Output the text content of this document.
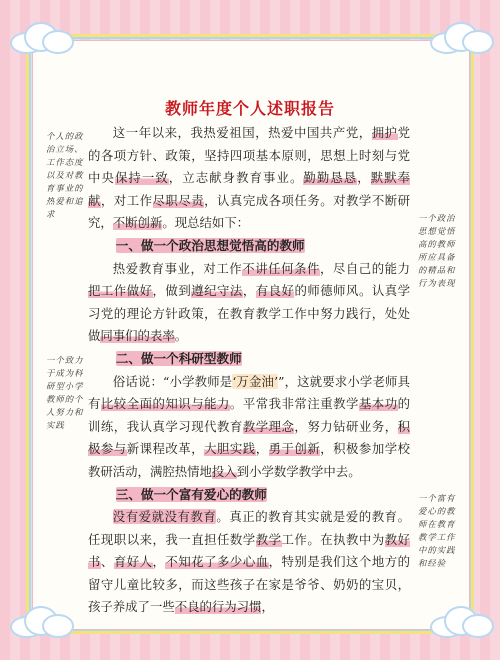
教师年度个人述职报告
个人的政
治立场、
工作态度
以及对教
育事业的
热爱和追
求	一个政治
思想觉悟
高的教师
所应具备
的精品和
行为表现
一个致力
于成为科
研型小学
教师的个
人努力和
实践
一个富有
爱心的教
师在教育
教学工作
中的实践
和经验

这一年以来，我热爱祖国，热爱中国共产党，拥护党的各项方针、政策，坚持四项基本原则，思想上时刻与党中央保持一致，立志献身教育事业。勤勤恳恳，默默奉献，对工作尽职尽责，认真完成各项任务。对教学不断研究，不断创新。现总结如下：

一、做一个政治思想觉悟高的教师

热爱教育事业，对工作不讲任何条件，尽自己的能力把工作做好，做到遵纪守法，有良好的师德师风。认真学习党的理论方针政策，在教育教学工作中努力践行，处处做同事们的表率。

二、做一个科研型教师

俗话说：“小学教师是‘万金油’”，这就要求小学老师具有比较全面的知识与能力。平常我非常注重教学基本功的训练，我认真学习现代教育教学理念，努力钻研业务，积极参与新课程改革，大胆实践，勇于创新，积极参加学校教研活动，满腔热情地投入到小学数学教学中去。

三、做一个富有爱心的教师

没有爱就没有教育。真正的教育其实就是爱的教育。任现职以来，我一直担任数学教学工作。在执教中为教好书、育好人，不知花了多少心血，特别是我们这个地方的留守儿童比较多，而这些孩子在家是爷爷、奶奶的宝贝，孩子养成了一些不良的行为习惯，
